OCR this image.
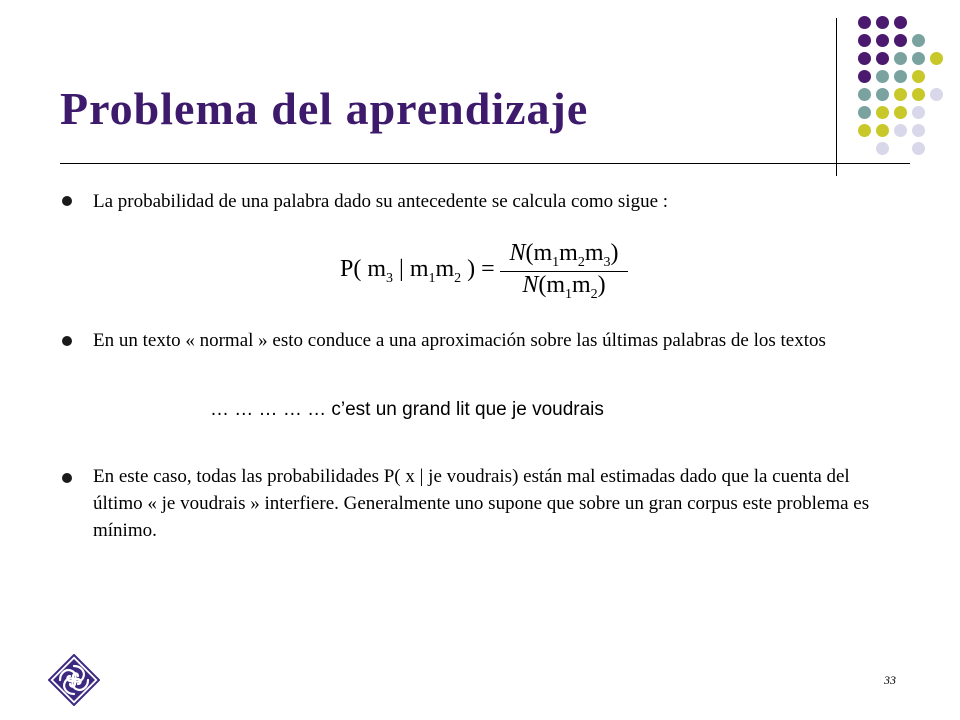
Problema del aprendizaje

La probabilidad de una palabra dado su antecedente se calcula como sigue :

P( $m_3$ | $m_1m_2$ ) =
$N(m_1m_2m_3)$
$N(m_1m_2)$

En un texto « normal » esto conduce a una aproximación sobre las últimas palabras de los textos

… … … … … c’est un grand lit que je voudrais

En este caso, todas las probabilidades P( x | je voudrais) están mal estimadas dado que la cuenta del último « je voudrais » interfiere. Generalmente uno supone que sobre un gran corpus este problema es mínimo.

33
